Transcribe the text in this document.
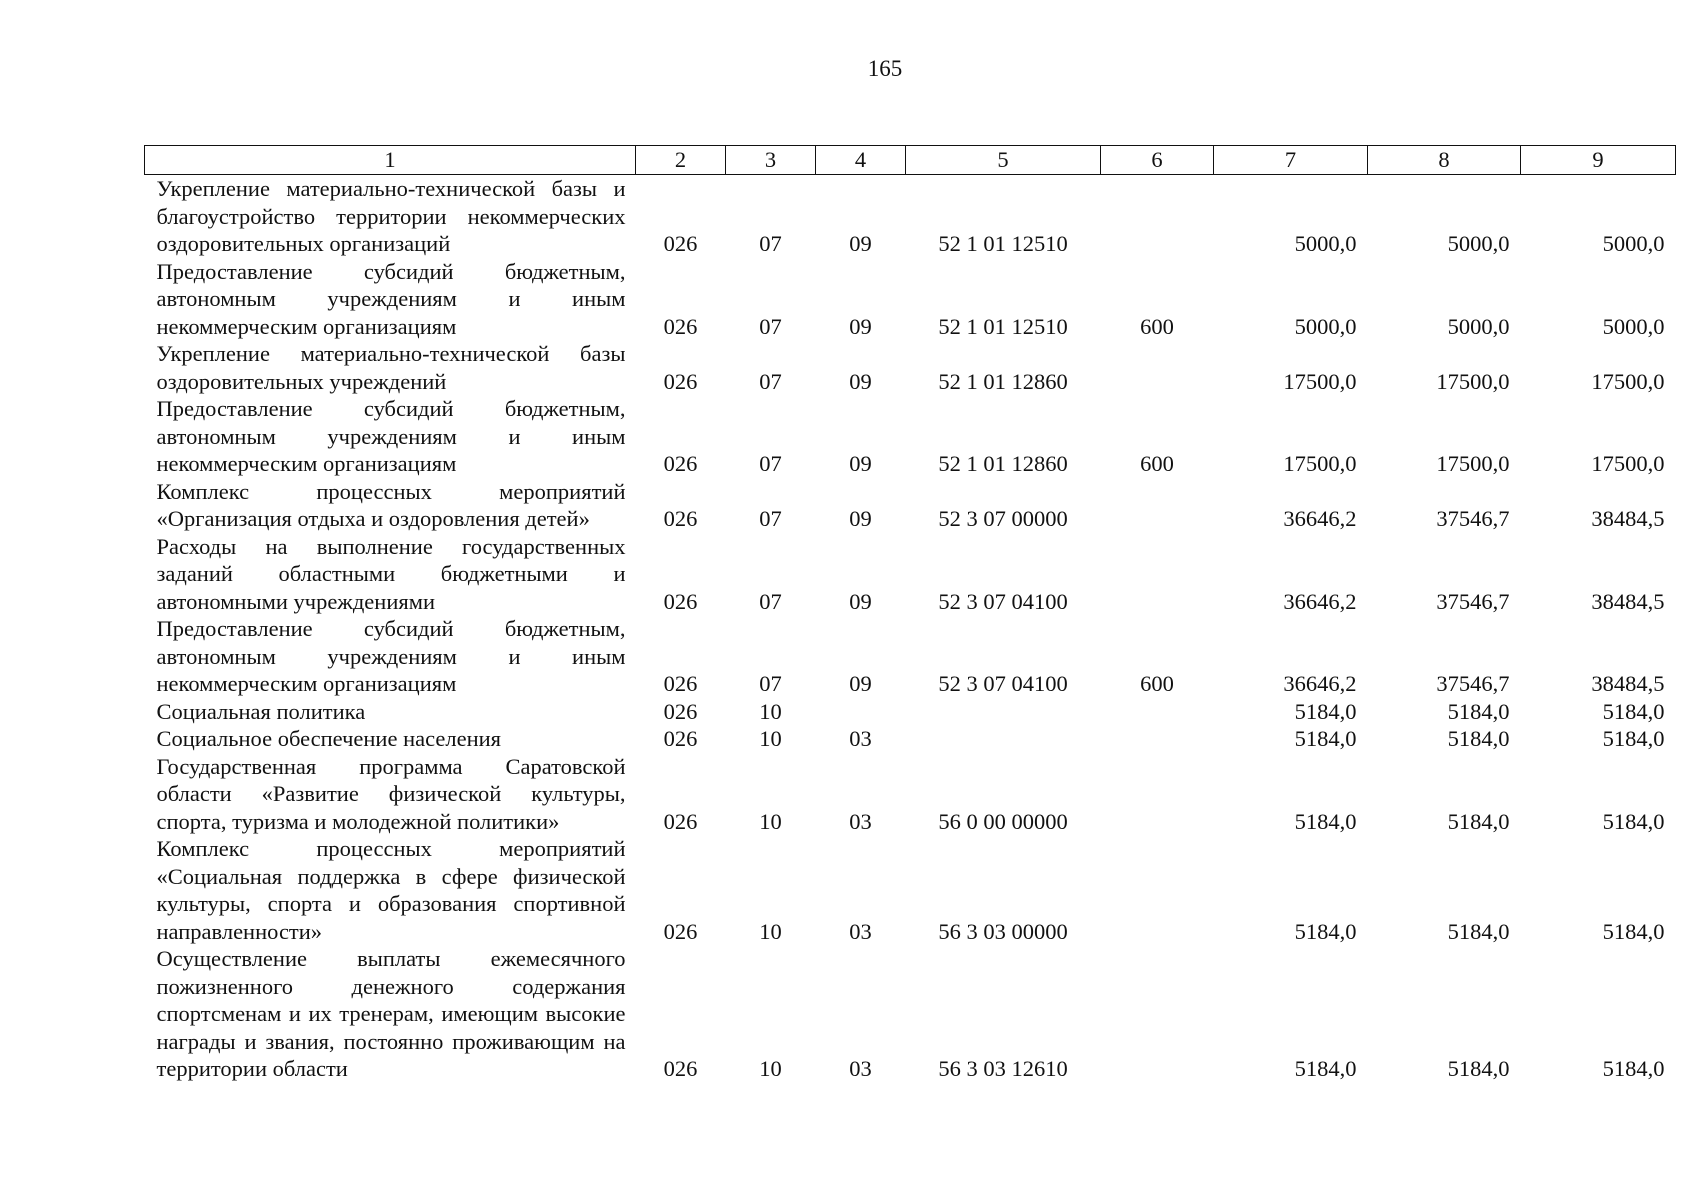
165
1	2	3	4	5	6	7	8	9
Укрепление материально-технической базы и благоустройство территории некоммерческих оздоровительных организаций	026	07	09	52 1 01 12510		5000,0	5000,0	5000,0
Предоставление субсидий бюджетным, автономным учреждениям и иным некоммерческим организациям	026	07	09	52 1 01 12510	600	5000,0	5000,0	5000,0
Укрепление материально-технической базы оздоровительных учреждений	026	07	09	52 1 01 12860		17500,0	17500,0	17500,0
Предоставление субсидий бюджетным, автономным учреждениям и иным некоммерческим организациям	026	07	09	52 1 01 12860	600	17500,0	17500,0	17500,0
Комплекс процессных мероприятий «Организация отдыха и оздоровления детей»	026	07	09	52 3 07 00000		36646,2	37546,7	38484,5
Расходы на выполнение государственных заданий областными бюджетными и автономными учреждениями	026	07	09	52 3 07 04100		36646,2	37546,7	38484,5
Предоставление субсидий бюджетным, автономным учреждениям и иным некоммерческим организациям	026	07	09	52 3 07 04100	600	36646,2	37546,7	38484,5
Социальная политика	026	10				5184,0	5184,0	5184,0
Социальное обеспечение населения	026	10	03			5184,0	5184,0	5184,0
Государственная программа Саратовской области «Развитие физической культуры, спорта, туризма и молодежной политики»	026	10	03	56 0 00 00000		5184,0	5184,0	5184,0
Комплекс процессных мероприятий «Социальная поддержка в сфере физической культуры, спорта и образования спортивной направленности»	026	10	03	56 3 03 00000		5184,0	5184,0	5184,0
Осуществление выплаты ежемесячного пожизненного денежного содержания спортсменам и их тренерам, имеющим высокие награды и звания, постоянно проживающим на территории области	026	10	03	56 3 03 12610		5184,0	5184,0	5184,0
